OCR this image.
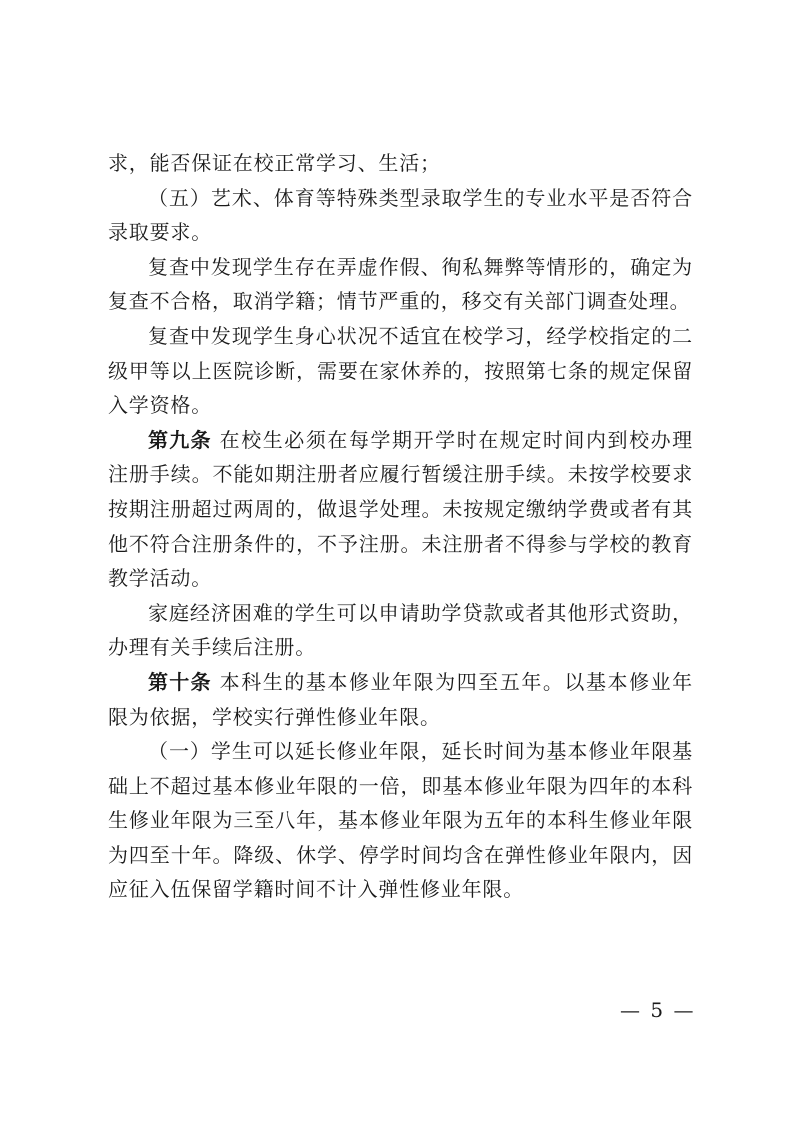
求，能否保证在校正常学习、生活；

（五）艺术、体育等特殊类型录取学生的专业水平是否符合录取要求。

复查中发现学生存在弄虚作假、徇私舞弊等情形的，确定为复查不合格，取消学籍；情节严重的，移交有关部门调查处理。

复查中发现学生身心状况不适宜在校学习，经学校指定的二级甲等以上医院诊断，需要在家休养的，按照第七条的规定保留入学资格。

第九条 在校生必须在每学期开学时在规定时间内到校办理注册手续。不能如期注册者应履行暂缓注册手续。未按学校要求按期注册超过两周的，做退学处理。未按规定缴纳学费或者有其他不符合注册条件的，不予注册。未注册者不得参与学校的教育教学活动。

家庭经济困难的学生可以申请助学贷款或者其他形式资助，办理有关手续后注册。

第十条 本科生的基本修业年限为四至五年。以基本修业年限为依据，学校实行弹性修业年限。

（一）学生可以延长修业年限，延长时间为基本修业年限基础上不超过基本修业年限的一倍，即基本修业年限为四年的本科生修业年限为三至八年，基本修业年限为五年的本科生修业年限为四至十年。降级、休学、停学时间均含在弹性修业年限内，因应征入伍保留学籍时间不计入弹性修业年限。

— 5 —
